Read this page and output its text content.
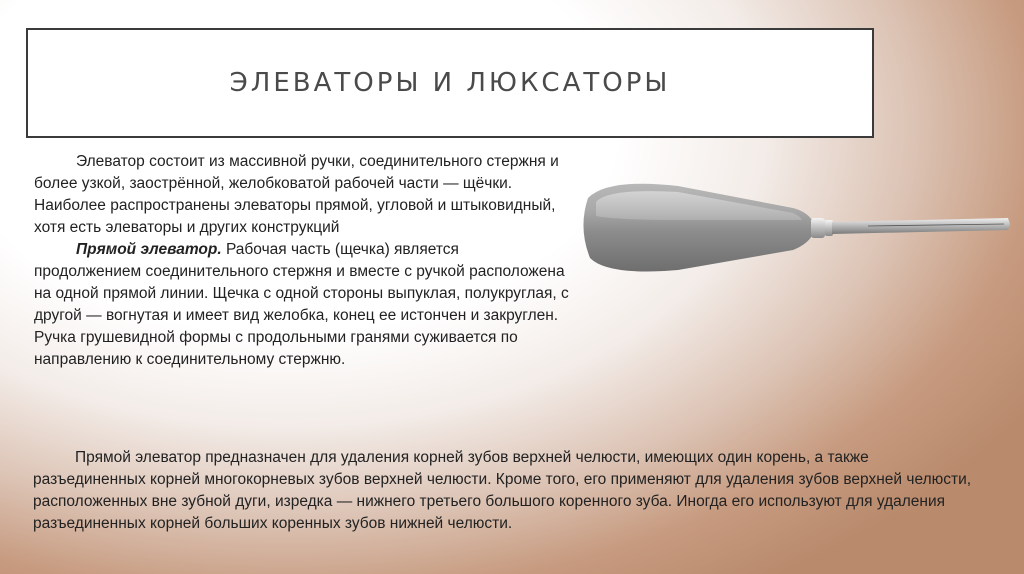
ЭЛЕВАТОРЫ И ЛЮКСАТОРЫ
Элеватор состоит из массивной ручки, соединительного стержня и более узкой, заострённой, желобковатой рабочей части — щёчки. Наиболее распространены элеваторы прямой, угловой и штыковидный, хотя есть элеваторы и других конструкций
Прямой элеватор. Рабочая часть (щечка) является продолжением соединительного стержня и вместе с ручкой расположена на одной прямой линии. Щечка с одной стороны выпуклая, полукруглая, с другой — вогнутая и имеет вид желобка, конец ее истончен и закруглен. Ручка грушевидной формы с продольными гранями суживается по направлению к соединительному стержню.
Прямой элеватор предназначен для удаления корней зубов верхней челюсти, имеющих один корень, а также разъединенных корней многокорневых зубов верхней челюсти. Кроме того, его применяют для удаления зубов верхней челюсти, расположенных вне зубной дуги, изредка — нижнего третьего большого коренного зуба. Иногда его используют для удаления разъединенных корней больших коренных зубов нижней челюсти.
